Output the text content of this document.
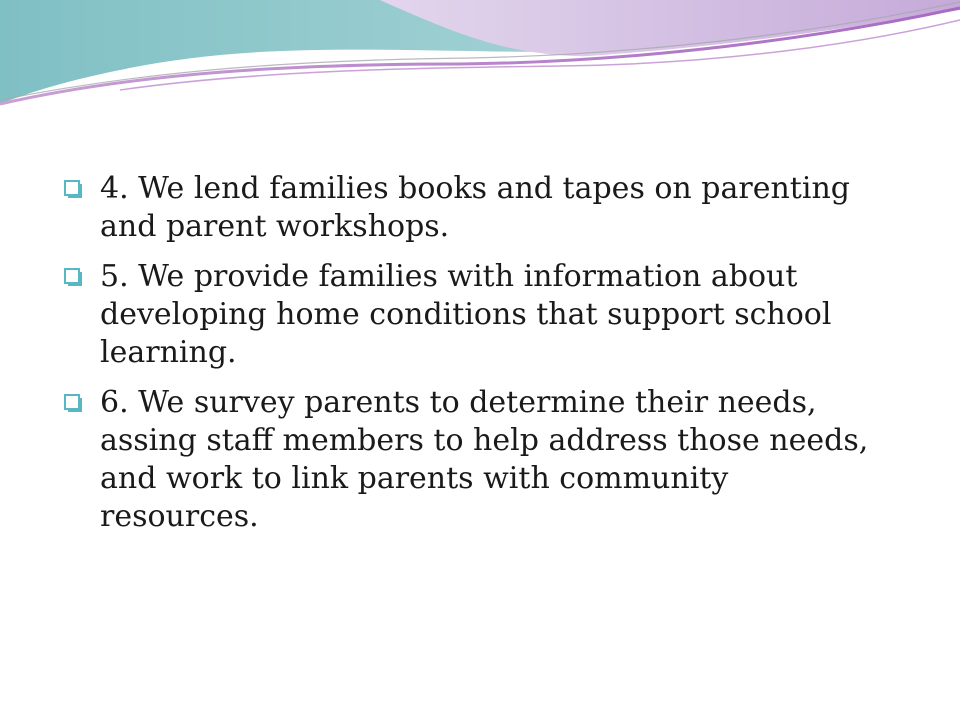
4. We lend families books and tapes on parenting and parent workshops.
5. We provide families with information about developing home conditions that support school learning.
6. We survey parents to determine their needs, assing staff members to help address those needs, and work to link parents with community resources.
